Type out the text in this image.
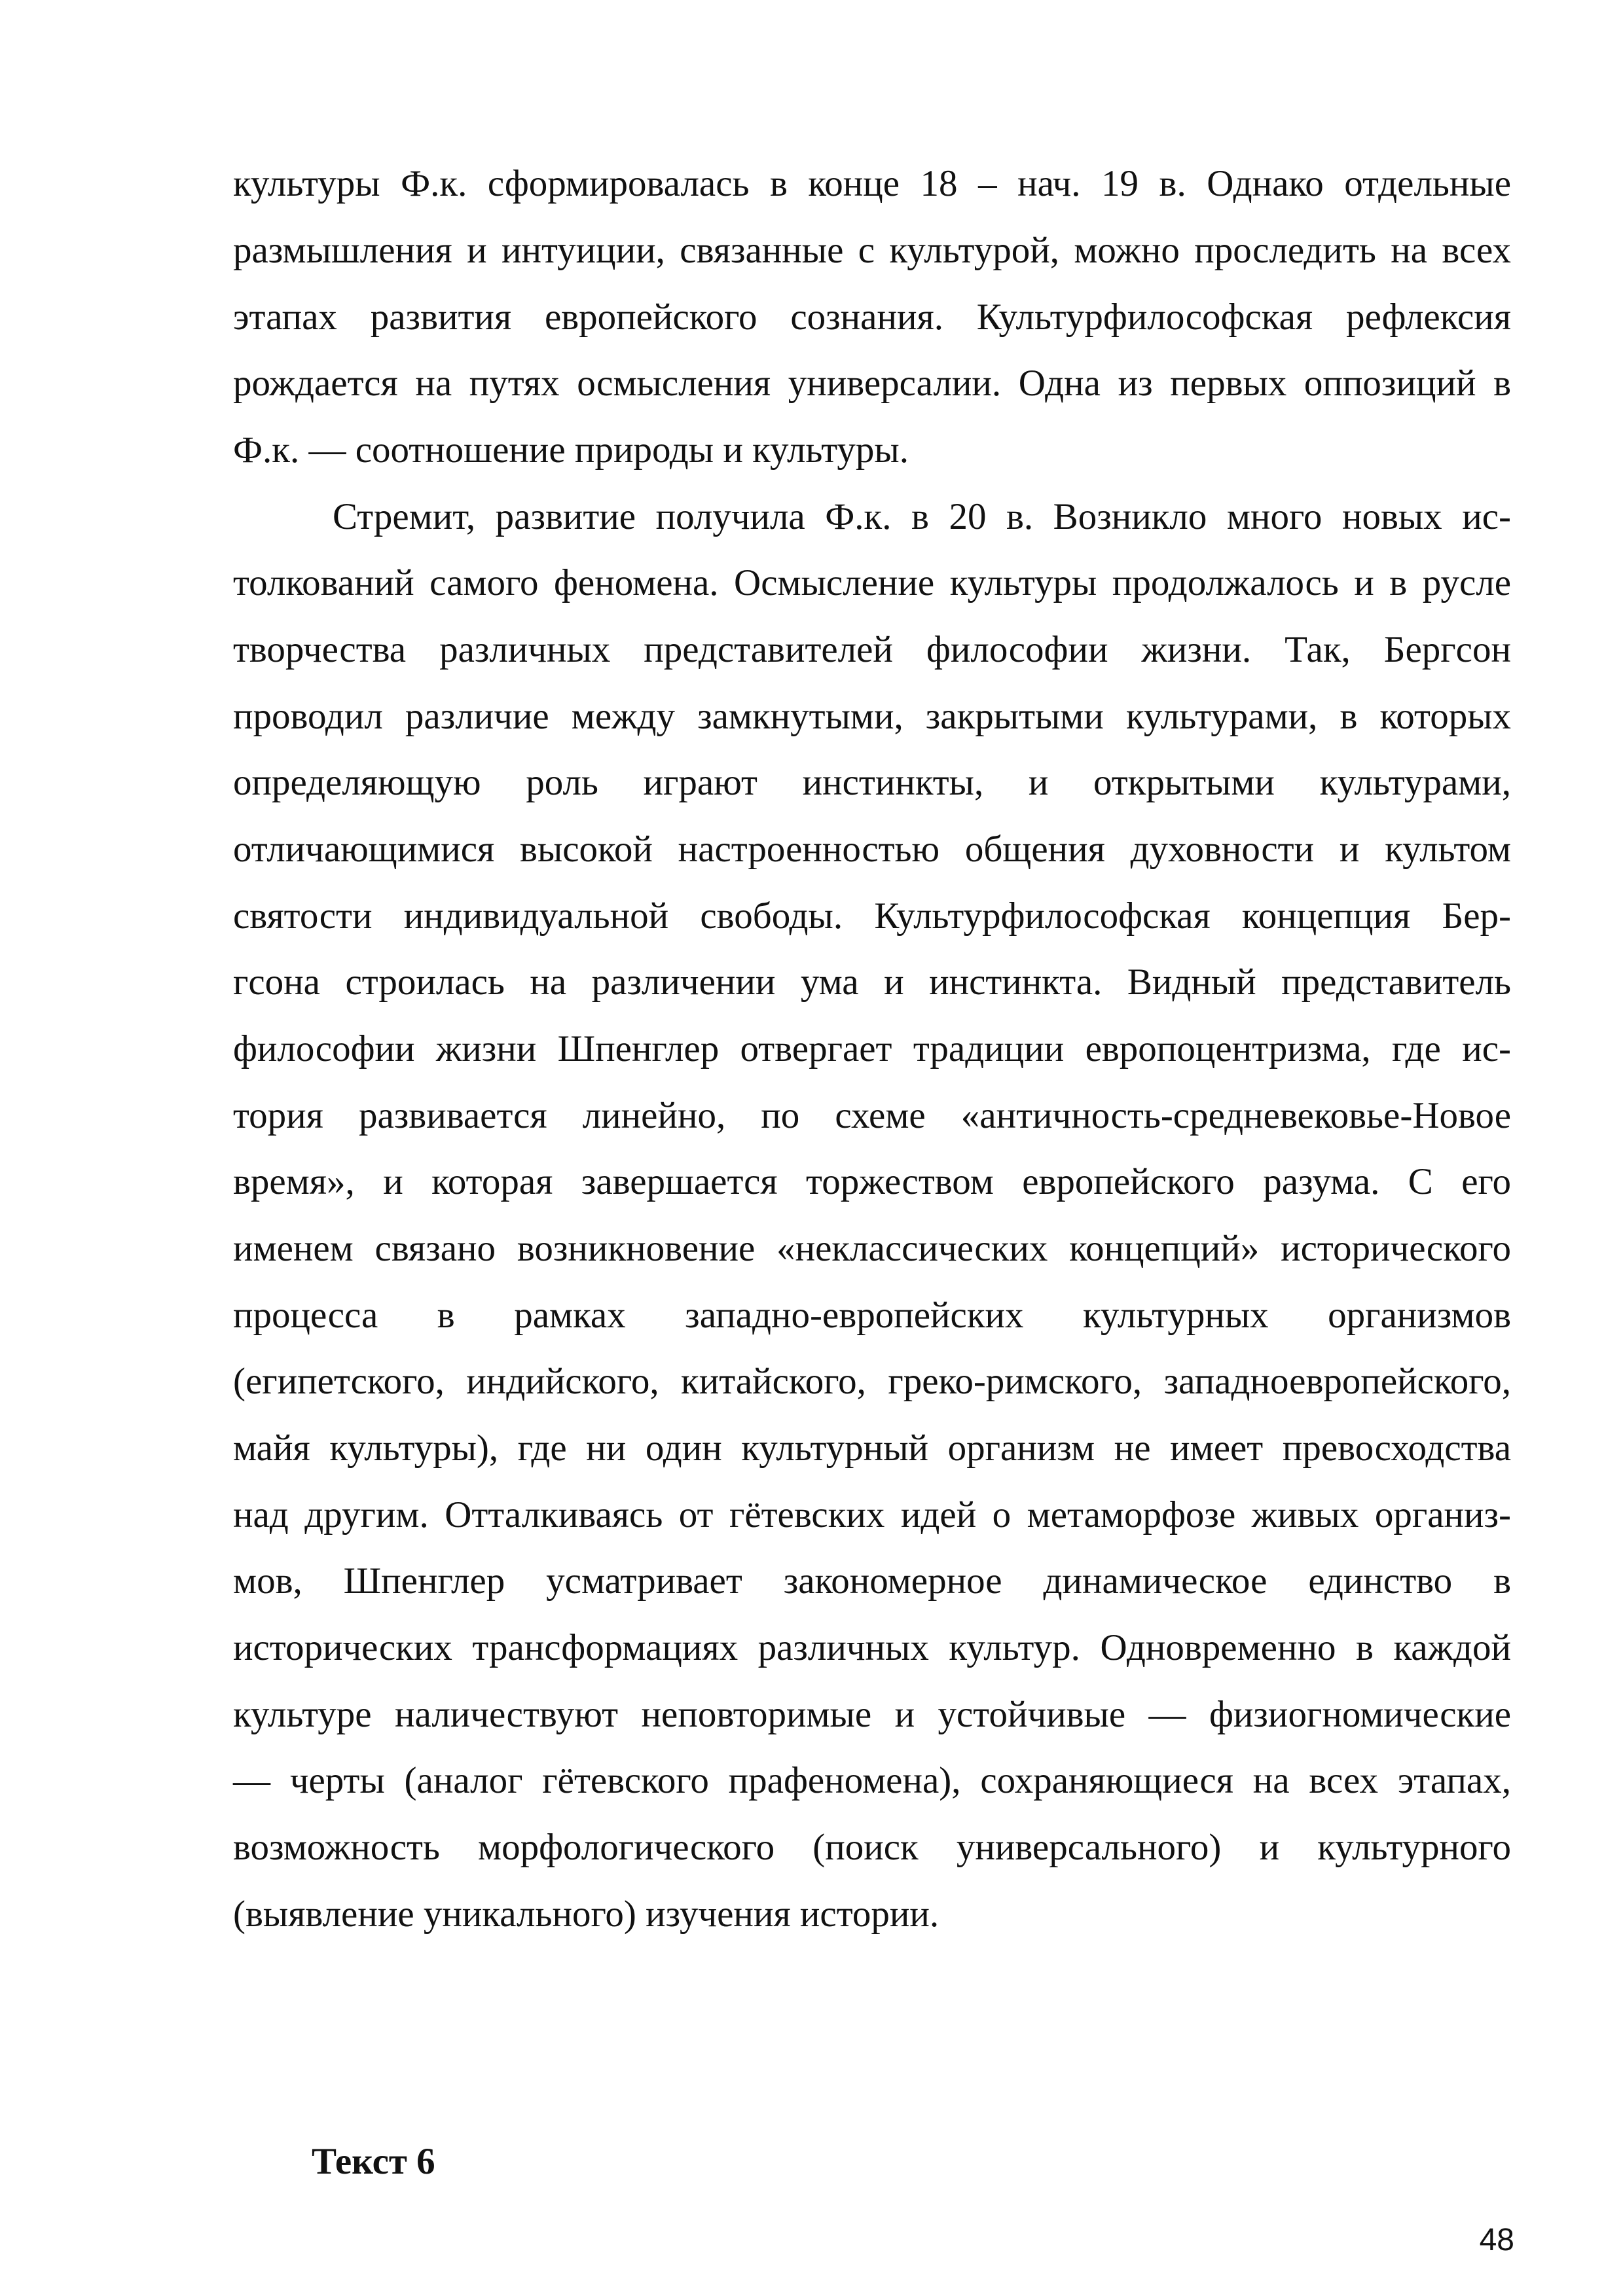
культуры Ф.к. сформировалась в конце 18 – нач. 19 в. Однако отдельные
размышления и интуиции, связанные с культурой, можно проследить на всех
этапах развития европейского сознания. Культурфилософская рефлексия
рождается на путях осмысления универсалии. Одна из первых оппозиций в
Ф.к. — соотношение природы и культуры.
Стремит, развитие получила Ф.к. в 20 в. Возникло много новых ис-
толкований самого феномена. Осмысление культуры продолжалось и в русле
творчества различных представителей философии жизни. Так, Бергсон
проводил различие между замкнутыми, закрытыми культурами, в которых
определяющую роль играют инстинкты, и открытыми культурами,
отличающимися высокой настроенностью общения духовности и культом
святости индивидуальной свободы. Культурфилософская концепция Бер-
гсона строилась на различении ума и инстинкта. Видный представитель
философии жизни Шпенглер отвергает традиции европоцентризма, где ис-
тория развивается линейно, по схеме «античность-средневековье-Новое
время», и которая завершается торжеством европейского разума. С его
именем связано возникновение «неклассических концепций» исторического
процесса в рамках западно-европейских культурных организмов
(египетского, индийского, китайского, греко-римского, западноевропейского,
майя культуры), где ни один культурный организм не имеет превосходства
над другим. Отталкиваясь от гётевских идей о метаморфозе живых организ-
мов, Шпенглер усматривает закономерное динамическое единство в
исторических трансформациях различных культур. Одновременно в каждой
культуре наличествуют неповторимые и устойчивые — физиогномические
— черты (аналог гётевского прафеномена), сохраняющиеся на всех этапах,
возможность морфологического (поиск универсального) и культурного
(выявление уникального) изучения истории.
Текст 6
48
